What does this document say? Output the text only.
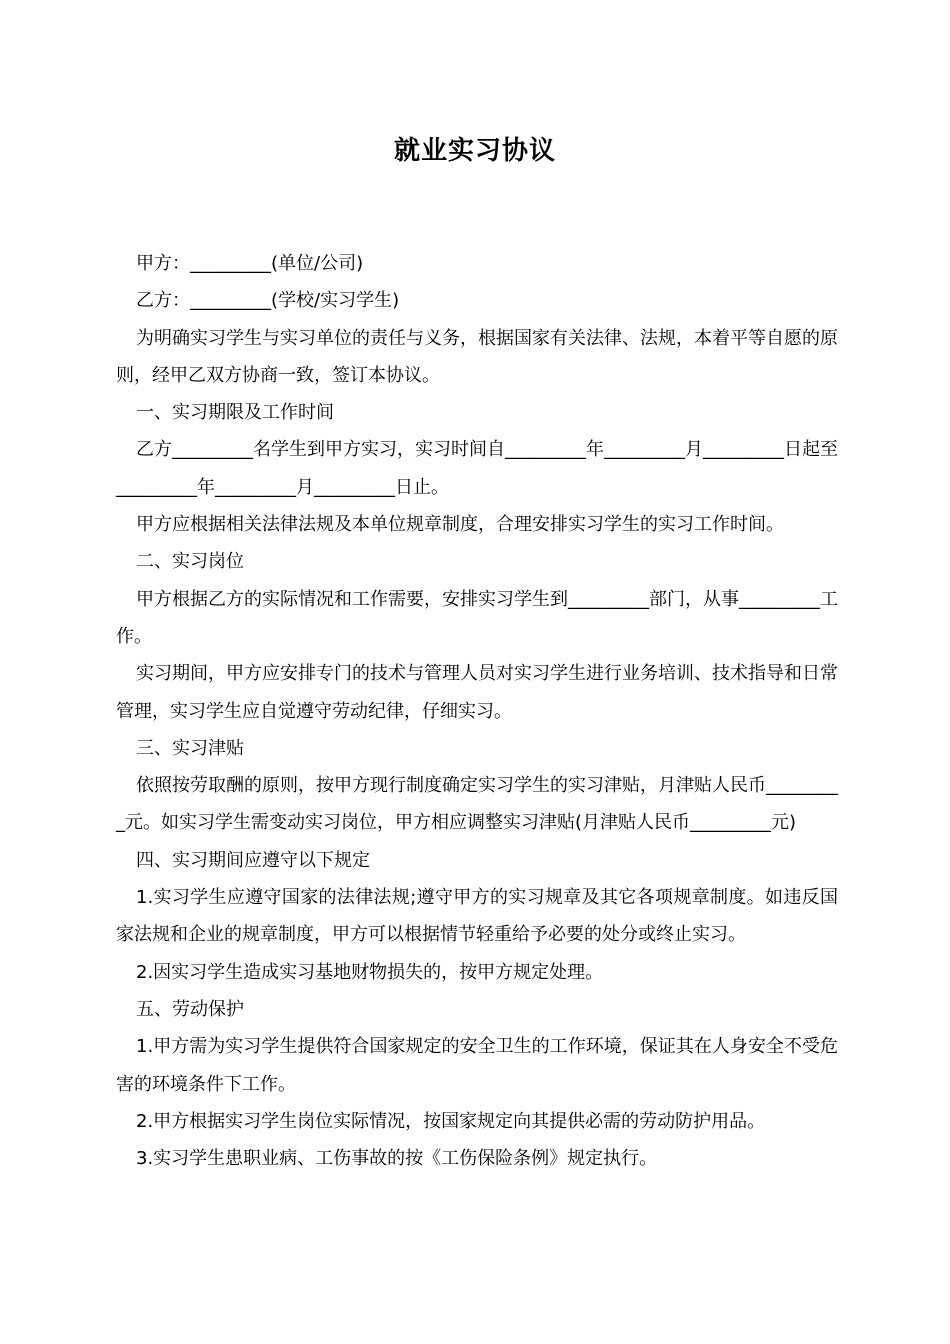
就业实习协议

甲方：_________(单位/公司)

乙方：_________(学校/实习学生)

为明确实习学生与实习单位的责任与义务，根据国家有关法律、法规，本着平等自愿的原则，经甲乙双方协商一致，签订本协议。

一、实习期限及工作时间

乙方_________名学生到甲方实习，实习时间自_________年_________月_________日起至_________年_________月_________日止。

甲方应根据相关法律法规及本单位规章制度，合理安排实习学生的实习工作时间。

二、实习岗位

甲方根据乙方的实际情况和工作需要，安排实习学生到_________部门，从事_________工作。

实习期间，甲方应安排专门的技术与管理人员对实习学生进行业务培训、技术指导和日常管理，实习学生应自觉遵守劳动纪律，仔细实习。

三、实习津贴

依照按劳取酬的原则，按甲方现行制度确定实习学生的实习津贴，月津贴人民币_________元。如实习学生需变动实习岗位，甲方相应调整实习津贴(月津贴人民币_________元)

四、实习期间应遵守以下规定

1.实习学生应遵守国家的法律法规;遵守甲方的实习规章及其它各项规章制度。如违反国家法规和企业的规章制度，甲方可以根据情节轻重给予必要的处分或终止实习。

2.因实习学生造成实习基地财物损失的，按甲方规定处理。

五、劳动保护

1.甲方需为实习学生提供符合国家规定的安全卫生的工作环境，保证其在人身安全不受危害的环境条件下工作。

2.甲方根据实习学生岗位实际情况，按国家规定向其提供必需的劳动防护用品。

3.实习学生患职业病、工伤事故的按《工伤保险条例》规定执行。
